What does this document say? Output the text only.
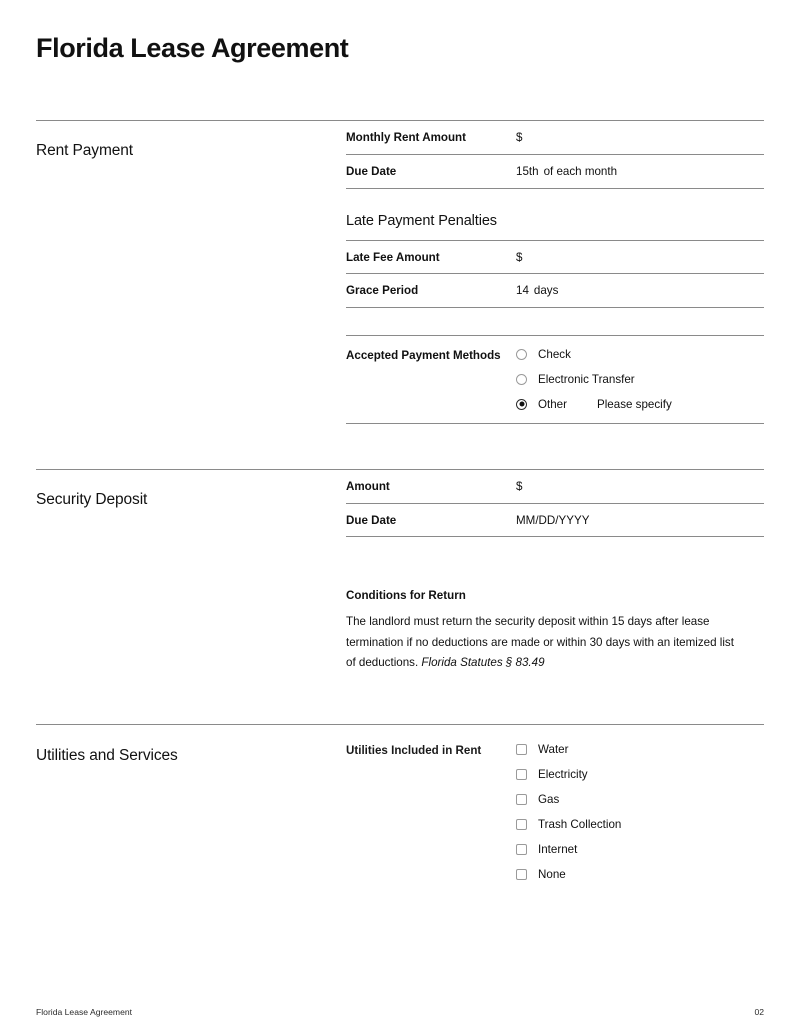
Florida Lease Agreement
Rent Payment
Monthly Rent Amount	$
Due Date	15th of each month
Late Payment Penalties
Late Fee Amount	$
Grace Period	14 days
Accepted Payment Methods	Check
Electronic Transfer
Other	Please specify
Security Deposit
Amount	$
Due Date	MM/DD/YYYY
Conditions for Return
The landlord must return the security deposit within 15 days after lease termination if no deductions are made or within 30 days with an itemized list of deductions. Florida Statutes § 83.49
Utilities and Services	Utilities Included in Rent	Water
Electricity
Gas
Trash Collection
Internet
None
Florida Lease Agreement	02
